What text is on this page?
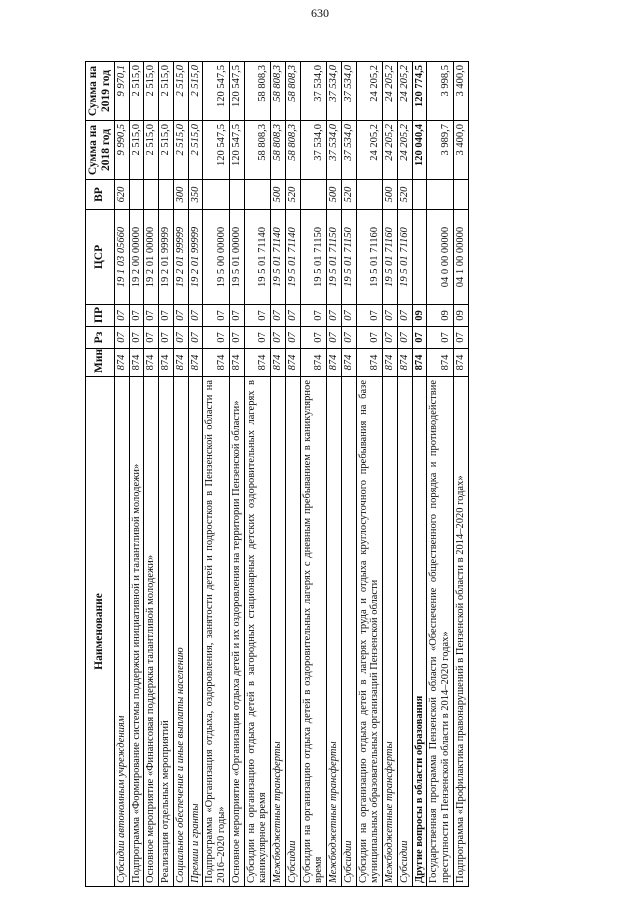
630
Наименование	Мин	Рз	ПР	ЦСР	ВР	Сумма на 2018 год	Сумма на 2019 год
Субсидии автономным учреждениям	874	07	07	19 1 03 05660	620	9 990,5	9 970,1
Подпрограмма «Формирование системы поддержки инициативной и талантливой молодежи»	874	07	07	19 2 00 00000		2 515,0	2 515,0
Основное мероприятие «Финансовая поддержка талантливой молодежи»	874	07	07	19 2 01 00000		2 515,0	2 515,0
Реализация отдельных мероприятий	874	07	07	19 2 01 99999		2 515,0	2 515,0
Социальное обеспечение и иные выплаты населению	874	07	07	19 2 01 99999	300	2 515,0	2 515,0
Премии и гранты	874	07	07	19 2 01 99999	350	2 515,0	2 515,0
Подпрограмма «Организация отдыха, оздоровления, занятости детей и подростков в Пензенской области на 2016–2020 годы»	874	07	07	19 5 00 00000		120 547,5	120 547,5
Основное мероприятие «Организация отдыха детей и их оздоровления на территории Пензенской области»	874	07	07	19 5 01 00000		120 547,5	120 547,5
Субсидии на организацию отдыха детей в загородных стационарных детских оздоровительных лагерях в каникулярное время	874	07	07	19 5 01 71140		58 808,3	58 808,3
Межбюджетные трансферты	874	07	07	19 5 01 71140	500	58 808,3	58 808,3
Субсидии	874	07	07	19 5 01 71140	520	58 808,3	58 808,3
Субсидии на организацию отдыха детей в оздоровительных лагерях с дневным пребыванием в каникулярное время	874	07	07	19 5 01 71150		37 534,0	37 534,0
Межбюджетные трансферты	874	07	07	19 5 01 71150	500	37 534,0	37 534,0
Субсидии	874	07	07	19 5 01 71150	520	37 534,0	37 534,0
Субсидии на организацию отдыха детей в лагерях труда и отдыха круглосуточного пребывания на базе муниципальных образовательных организаций Пензенской области	874	07	07	19 5 01 71160		24 205,2	24 205,2
Межбюджетные трансферты	874	07	07	19 5 01 71160	500	24 205,2	24 205,2
Субсидии	874	07	07	19 5 01 71160	520	24 205,2	24 205,2
Другие вопросы в области образования	874	07	09			120 040,4	120 774,5
Государственная программа Пензенской области «Обеспечение общественного порядка и противодействие преступности в Пензенской области в 2014–2020 годах»	874	07	09	04 0 00 00000		3 989,7	3 998,5
Подпрограмма «Профилактика правонарушений в Пензенской области в 2014–2020 годах»	874	07	09	04 1 00 00000		3 400,0	3 400,0
